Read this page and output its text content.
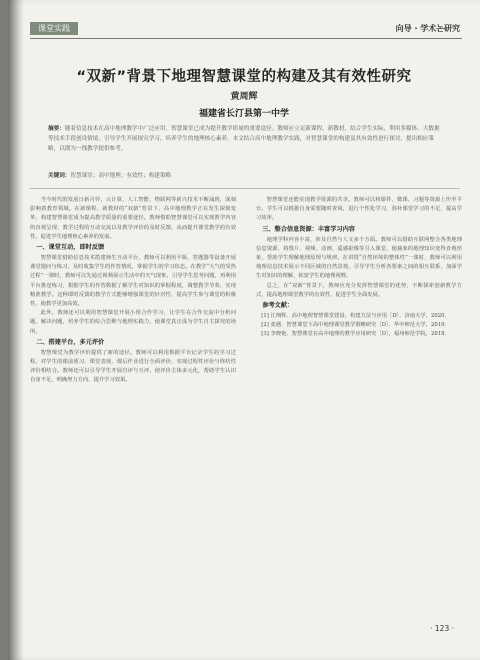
课堂实践	向导 · 学术논研究
“双新”背景下地理智慧课堂的构建及其有效性研究
黄周辉
福建省长汀县第一中学
摘要：随着信息技术在高中地理教学中广泛应用，智慧课堂已成为提升教学质量的重要途径。教师应立足新课程、新教材，结合学生实际，利用多媒体、大数据等技术手段创设情境，引导学生开展探究学习，培养学生的地理核心素养。本文结合高中地理教学实践，对智慧课堂的构建及其有效性进行探讨，提出相应策略，以期为一线教学提供参考。
关键词：智慧课堂；高中地理；有效性；构建策略

当今时代的发展日新月异，云计算、人工智能、物联网等新兴技术不断涌现，深刻影响着教育领域。在新课程、新教材的“双新”背景下，高中地理教学正在发生深刻变革，构建智慧课堂成为提高教学质量的重要途径。教师借助智慧课堂可以实现教学内容的直观呈现、教学过程的互动交流以及教学评价的及时反馈，从而提升课堂教学的有效性，促进学生地理核心素养的发展。

一、课堂互动，即时反馈

智慧课堂借助信息技术搭建师生互动平台，教师可以利用平板、答题器等设备开展课堂提问与练习，及时收集学生的作答情况，掌握学生的学习状态。在教学“大气的受热过程”一课时，教师可以先通过视频展示生活中的天气现象，引导学生思考问题，再利用平台推送练习，根据学生的作答数据了解学生对知识的掌握程度，调整教学节奏，实现精准教学。这种即时反馈的教学方式能够增强课堂的针对性，提高学生参与课堂的积极性，使教学更加高效。

此外，教师还可以利用智慧课堂开展小组合作学习，让学生在合作交流中分析问题、解决问题，培养学生的综合思维与地理实践力，使课堂真正成为学生自主探究的场所。

二、搭建平台，多元评价

智慧课堂为教学评价提供了新的途径。教师可以利用数据平台记录学生的学习过程，对学生的课前预习、课堂表现、课后作业进行全面评价，实现过程性评价与终结性评价相结合。教师还可以引导学生开展自评与互评，使评价主体多元化，帮助学生认识自身不足，明确努力方向，提升学习效果。

智慧课堂还能实现教学资源的共享。教师可以将课件、微课、习题等资源上传至平台，学生可以根据自身需要随时查阅，进行个性化学习，弥补课堂学习的不足，提高学习效率。

三、整合信息资源：丰富学习内容

地理学科内容丰富，涉及自然与人文多个方面。教师可以借助互联网整合各类地理信息资源，将图片、视频、动画、遥感影像等引入课堂，使抽象的地理知识变得直观形象，帮助学生理解地理原理与规律。在讲授“自然环境的整体性”一课时，教师可以利用地理信息技术展示不同区域的自然景观，引导学生分析各要素之间的相互联系，加深学生对知识的理解，拓宽学生的地理视野。

总之，在“双新”背景下，教师应充分发挥智慧课堂的优势，不断探索创新教学方式，提高地理课堂教学的有效性，促进学生全面发展。

参考文献：

[1] 江翔辉．高中地理智慧课堂建设、构建方法与应用［D］．济南大学，2020．

[2] 张遇．智慧课堂下高中地理课堂教学策略研究［D］．华中师范大学，2019．

[3] 李晓艳．智慧课堂在高中地理的教学应用研究［D］．福州师范学院，2018．

· 123 ·
